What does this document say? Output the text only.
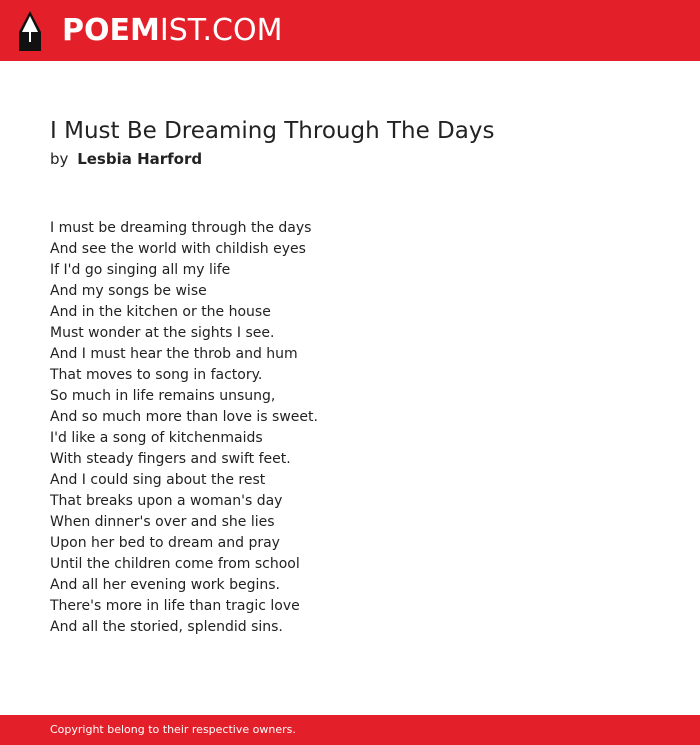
POEMIST.COM
I Must Be Dreaming Through The Days
by Lesbia Harford
I must be dreaming through the days
And see the world with childish eyes
If I'd go singing all my life
And my songs be wise
And in the kitchen or the house
Must wonder at the sights I see.
And I must hear the throb and hum
That moves to song in factory.
So much in life remains unsung,
And so much more than love is sweet.
I'd like a song of kitchenmaids
With steady fingers and swift feet.
And I could sing about the rest
That breaks upon a woman's day
When dinner's over and she lies
Upon her bed to dream and pray
Until the children come from school
And all her evening work begins.
There's more in life than tragic love
And all the storied, splendid sins.
Copyright belong to their respective owners.
